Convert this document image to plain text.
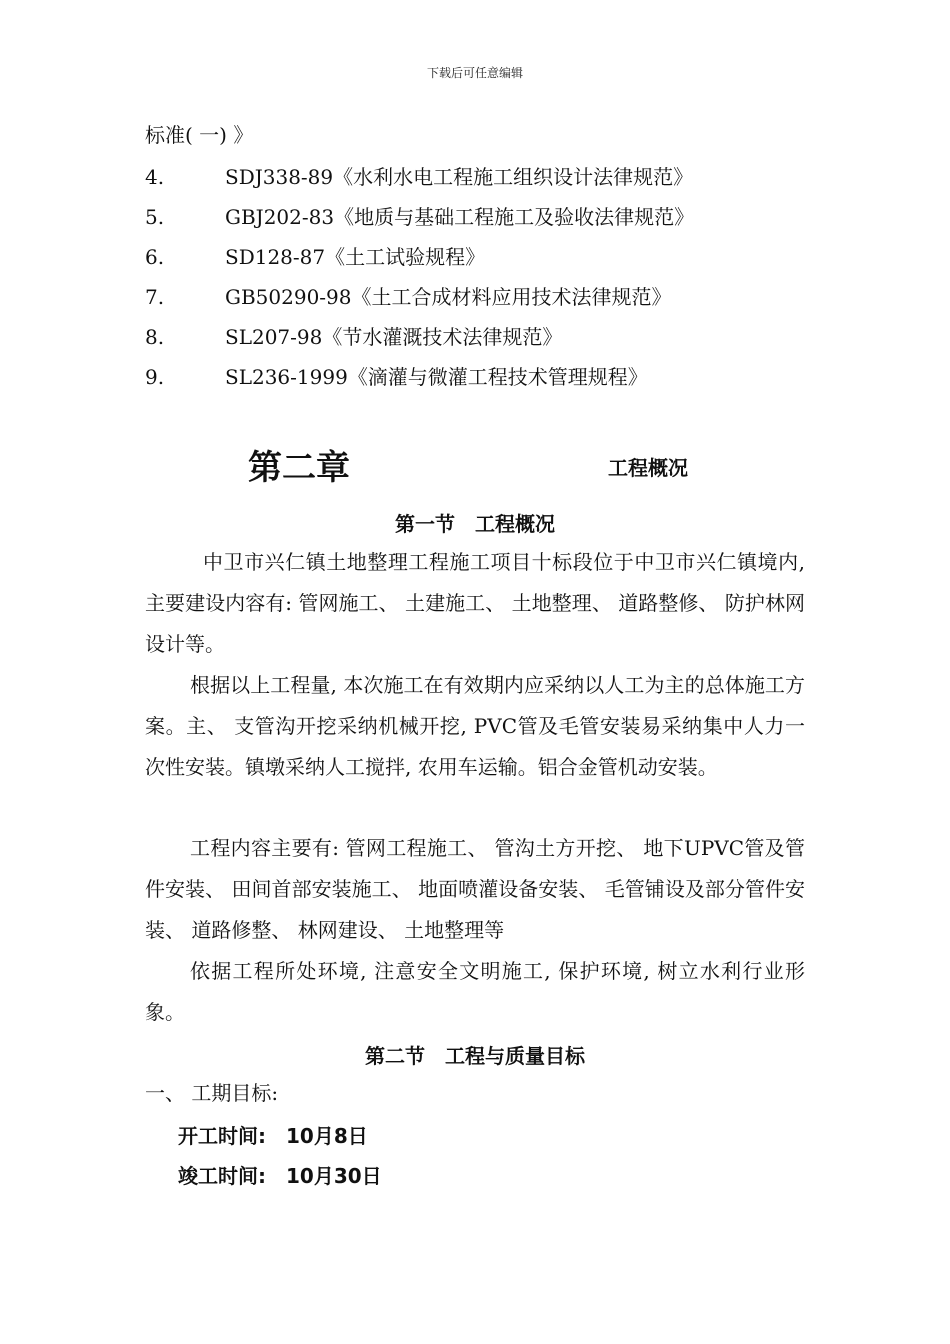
下载后可任意编辑
标准( 一) 》
4.	SDJ338-89《水利水电工程施工组织设计法律规范》
5.	GBJ202-83《地质与基础工程施工及验收法律规范》
6.	SD128-87《土工试验规程》
7.	GB50290-98《土工合成材料应用技术法律规范》
8.	SL207-98《节水灌溉技术法律规范》
9.	SL236-1999《滴灌与微灌工程技术管理规程》
第二章	工程概况
第一节　工程概况
中卫市兴仁镇土地整理工程施工项目十标段位于中卫市兴仁镇境内, 主要建设内容有: 管网施工、 土建施工、 土地整理、 道路整修、 防护林网设计等。
根据以上工程量, 本次施工在有效期内应采纳以人工为主的总体施工方案。主、 支管沟开挖采纳机械开挖, PVC管及毛管安装易采纳集中人力一次性安装。镇墩采纳人工搅拌, 农用车运输。铝合金管机动安装。
工程内容主要有: 管网工程施工、 管沟土方开挖、 地下UPVC管及管件安装、 田间首部安装施工、 地面喷灌设备安装、 毛管铺设及部分管件安装、 道路修整、 林网建设、 土地整理等
依据工程所处环境, 注意安全文明施工, 保护环境, 树立水利行业形象。
第二节　工程与质量目标
一、 工期目标:
开工时间:　10月8日
竣工时间:　10月30日
